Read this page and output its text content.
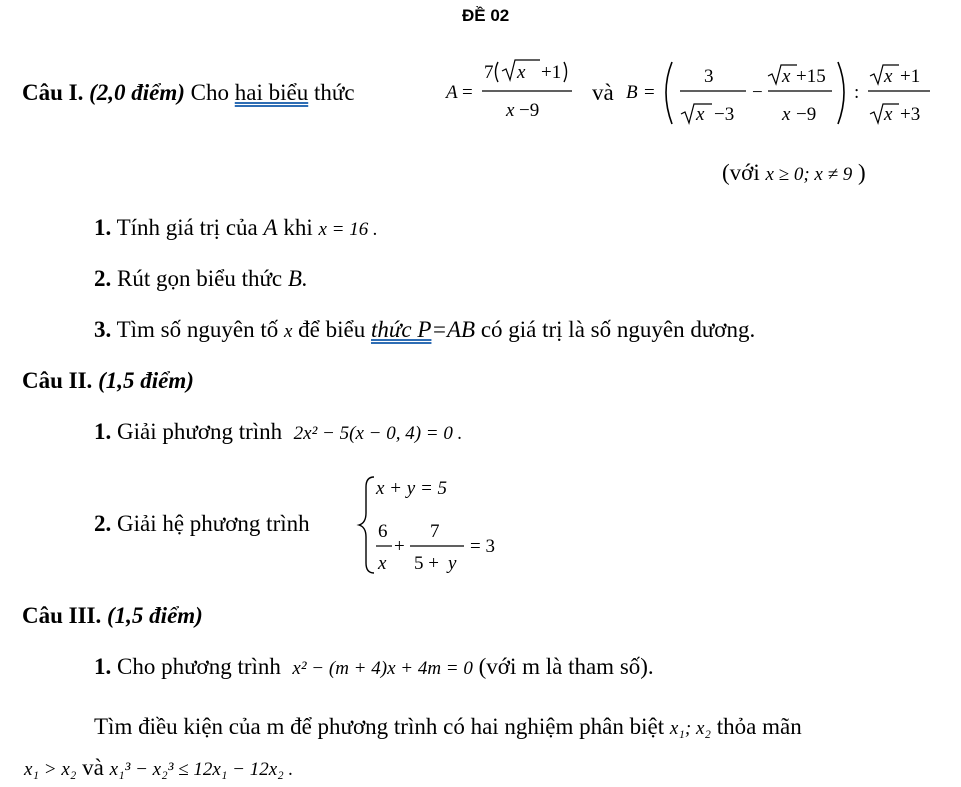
ĐỀ 02
Câu I. (2,0 điểm) Cho hai biểu thức	A =
7 x +1
x −9
và B =
3
x −3
−
x +15
x −9
:
x +1
x +3
(với x ≥ 0; x ≠ 9 )
1. Tính giá trị của A khi x = 16 .
2. Rút gọn biểu thức B.
3. Tìm số nguyên tố x để biểu thức P=AB có giá trị là số nguyên dương.
Câu II. (1,5 điểm)
1. Giải phương trình 2x² − 5(x − 0, 4) = 0 .
2. Giải hệ phương trình	6
x
+
7
5 + y
= 3
x + y = 5
Câu III. (1,5 điểm)
1. Cho phương trình x² − (m + 4)x + 4m = 0 (với m là tham số).
Tìm điều kiện của m để phương trình có hai nghiệm phân biệt x₁; x₂ thỏa mãn
x₁ > x₂ và x₁³ − x₂³ ≤ 12x₁ − 12x₂ .
